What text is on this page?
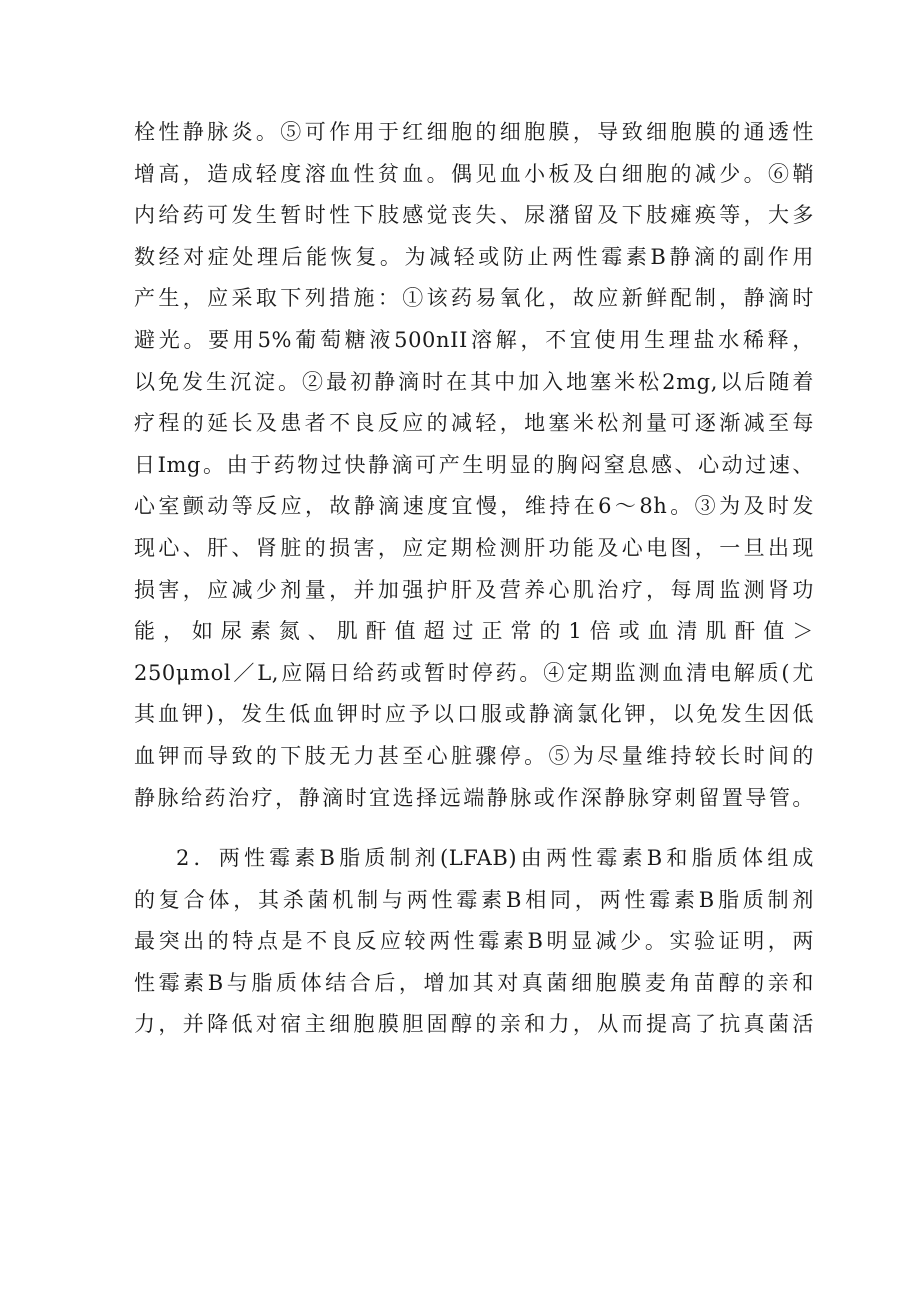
栓性静脉炎。⑤可作用于红细胞的细胞膜，导致细胞膜的通透性
增高，造成轻度溶血性贫血。偶见血小板及白细胞的减少。⑥鞘
内给药可发生暂时性下肢感觉丧失、尿潴留及下肢瘫痪等，大多
数经对症处理后能恢复。为减轻或防止两性霉素B静滴的副作用
产生，应采取下列措施：①该药易氧化，故应新鲜配制，静滴时
避光。要用5%葡萄糖液500nII溶解，不宜使用生理盐水稀释，
以免发生沉淀。②最初静滴时在其中加入地塞米松2mg,以后随着
疗程的延长及患者不良反应的减轻，地塞米松剂量可逐渐减至每
日Img。由于药物过快静滴可产生明显的胸闷窒息感、心动过速、
心室颤动等反应，故静滴速度宜慢，维持在6～8h。③为及时发
现心、肝、肾脏的损害，应定期检测肝功能及心电图，一旦出现
损害，应减少剂量，并加强护肝及营养心肌治疗，每周监测肾功
能，如尿素氮、肌酐值超过正常的1倍或血清肌酐值＞
250μmol／L,应隔日给药或暂时停药。④定期监测血清电解质(尤
其血钾)，发生低血钾时应予以口服或静滴氯化钾，以免发生因低
血钾而导致的下肢无力甚至心脏骤停。⑤为尽量维持较长时间的
静脉给药治疗，静滴时宜选择远端静脉或作深静脉穿刺留置导管。
2．两性霉素B脂质制剂(LFAB)由两性霉素B和脂质体组成
的复合体，其杀菌机制与两性霉素B相同，两性霉素B脂质制剂
最突出的特点是不良反应较两性霉素B明显减少。实验证明，两
性霉素B与脂质体结合后，增加其对真菌细胞膜麦角苗醇的亲和
力，并降低对宿主细胞膜胆固醇的亲和力，从而提高了抗真菌活
